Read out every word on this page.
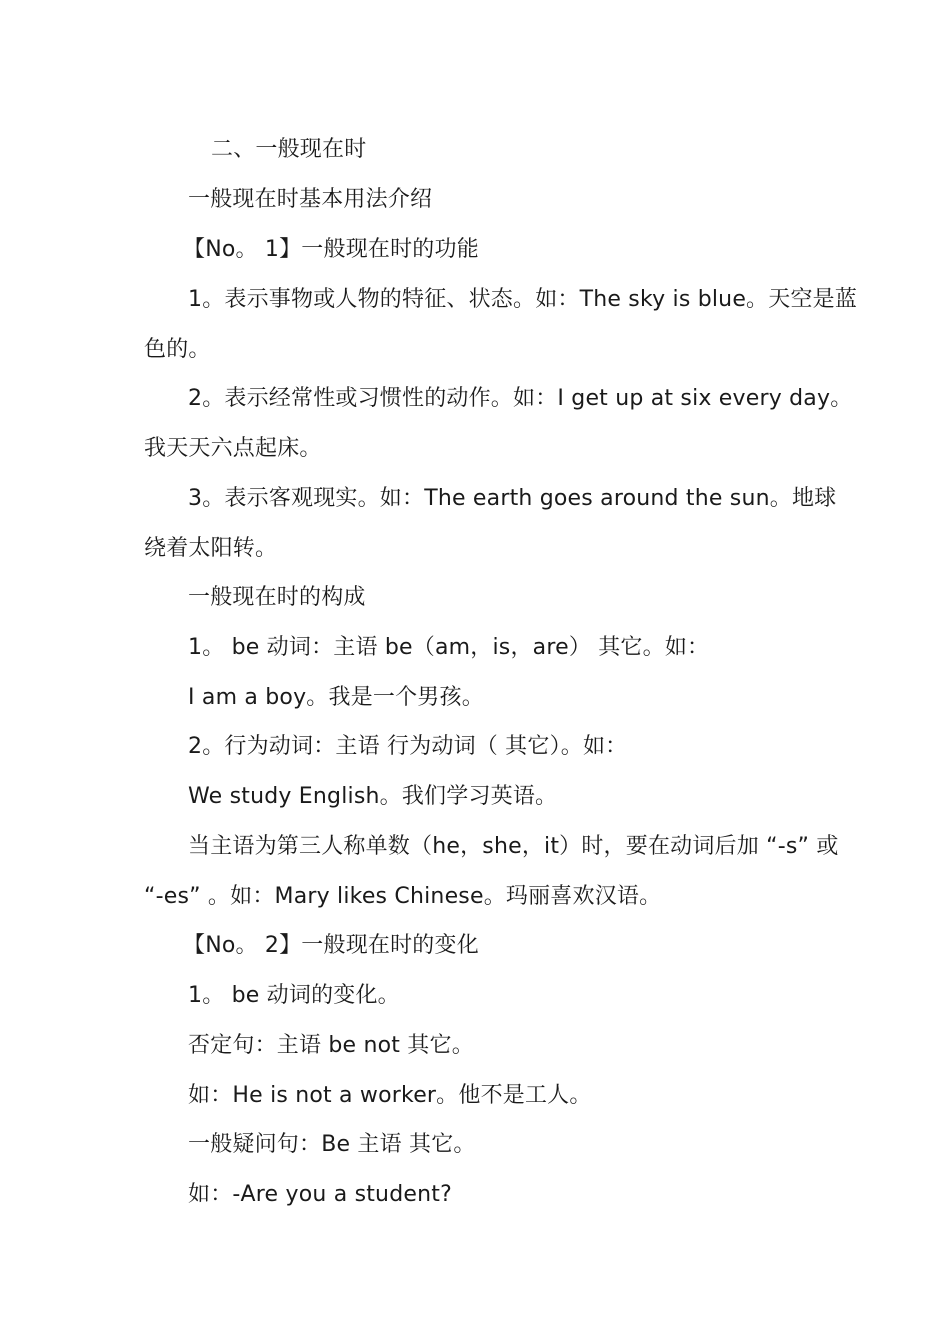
二、一般现在时
一般现在时基本用法介绍
【No。 1】一般现在时的功能
1。表示事物或人物的特征、状态。如：The sky is blue。天空是蓝
色的。
2。表示经常性或习惯性的动作。如：I get up at six every day。
我天天六点起床。
3。表示客观现实。如：The earth goes around the sun。地球
绕着太阳转。
一般现在时的构成
1。 be 动词：主语 be（am，is，are） 其它。如：
I am a boy。我是一个男孩。
2。行为动词：主语 行为动词（ 其它）。如：
We study English。我们学习英语。
当主语为第三人称单数（he，she，it）时，要在动词后加 “-s” 或
“-es” 。如：Mary likes Chinese。玛丽喜欢汉语。
【No。 2】一般现在时的变化
1。 be 动词的变化。
否定句：主语 be not 其它。
如：He is not a worker。他不是工人。
一般疑问句：Be 主语 其它。
如：-Are you a student?
